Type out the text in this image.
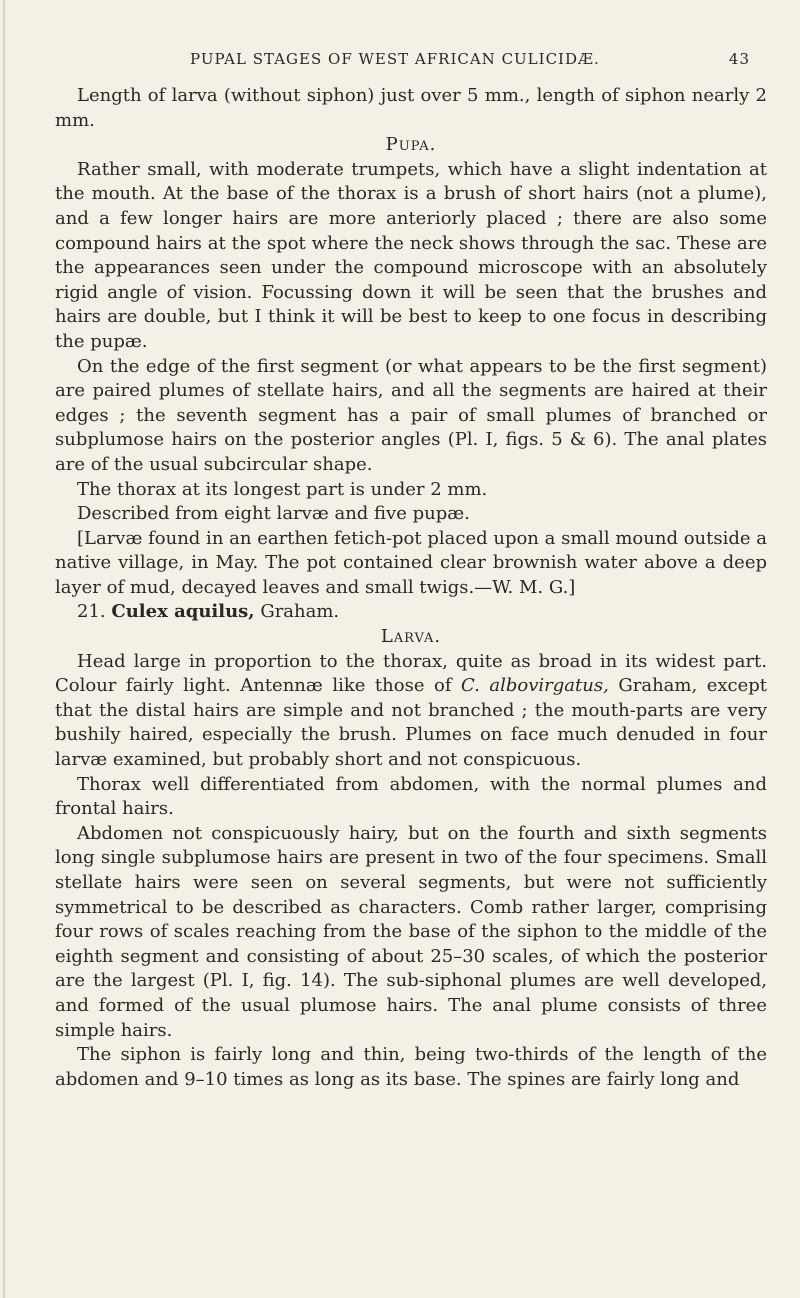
PUPAL STAGES OF WEST AFRICAN CULICIDÆ.	43

Length of larva (without siphon) just over 5 mm., length of siphon nearly 2 mm.

Pupa.

Rather small, with moderate trumpets, which have a slight indentation at the mouth. At the base of the thorax is a brush of short hairs (not a plume), and a few longer hairs are more anteriorly placed ; there are also some compound hairs at the spot where the neck shows through the sac. These are the appearances seen under the compound microscope with an absolutely rigid angle of vision. Focussing down it will be seen that the brushes and hairs are double, but I think it will be best to keep to one focus in describing the pupæ.

On the edge of the first segment (or what appears to be the first segment) are paired plumes of stellate hairs, and all the segments are haired at their edges ; the seventh segment has a pair of small plumes of branched or subplumose hairs on the posterior angles (Pl. I, figs. 5 & 6). The anal plates are of the usual subcircular shape.

The thorax at its longest part is under 2 mm.

Described from eight larvæ and five pupæ.

[Larvæ found in an earthen fetich-pot placed upon a small mound outside a native village, in May. The pot contained clear brownish water above a deep layer of mud, decayed leaves and small twigs.—W. M. G.]

21. Culex aquilus, Graham.

Larva.

Head large in proportion to the thorax, quite as broad in its widest part. Colour fairly light. Antennæ like those of C. albovirgatus, Graham, except that the distal hairs are simple and not branched ; the mouth-parts are very bushily haired, especially the brush. Plumes on face much denuded in four larvæ examined, but probably short and not conspicuous.

Thorax well differentiated from abdomen, with the normal plumes and frontal hairs.

Abdomen not conspicuously hairy, but on the fourth and sixth segments long single subplumose hairs are present in two of the four specimens. Small stellate hairs were seen on several segments, but were not sufficiently symmetrical to be described as characters. Comb rather larger, comprising four rows of scales reaching from the base of the siphon to the middle of the eighth segment and consisting of about 25–30 scales, of which the posterior are the largest (Pl. I, fig. 14). The sub-siphonal plumes are well developed, and formed of the usual plumose hairs. The anal plume consists of three simple hairs.

The siphon is fairly long and thin, being two-thirds of the length of the abdomen and 9–10 times as long as its base. The spines are fairly long and
